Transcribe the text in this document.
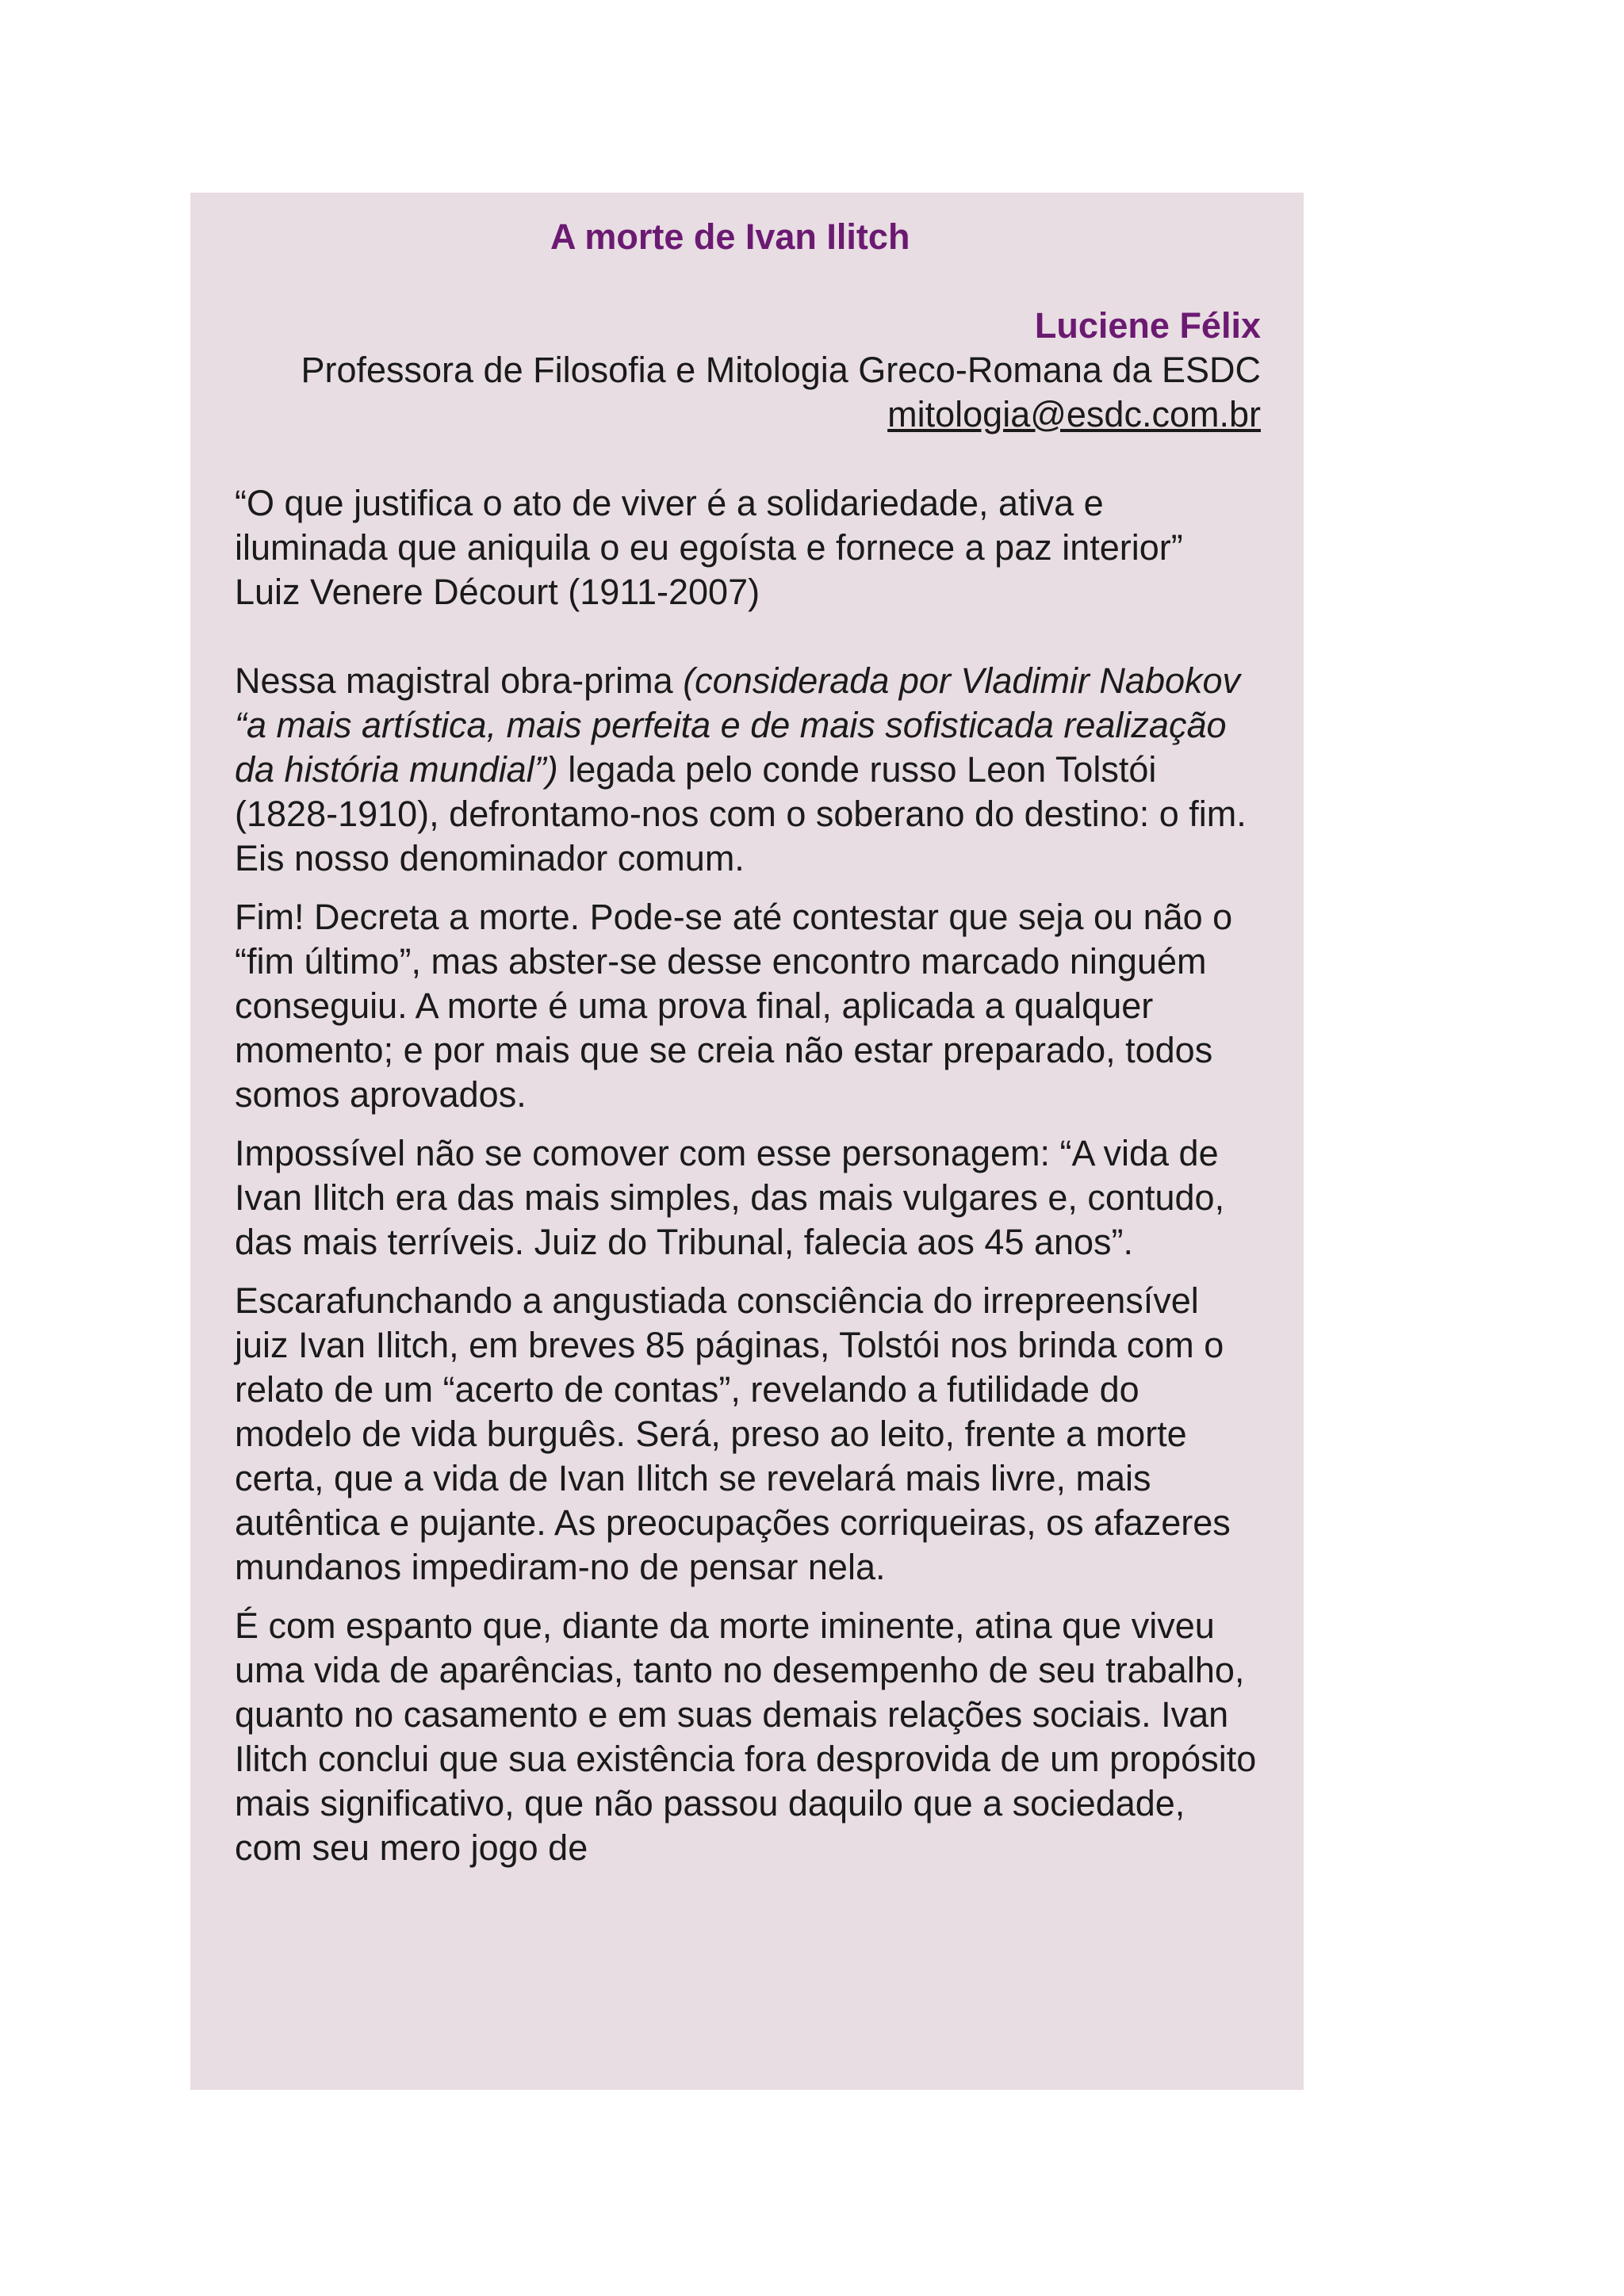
A morte de Ivan Ilitch
Luciene Félix
Professora de Filosofia e Mitologia Greco-Romana da ESDC
mitologia@esdc.com.br
“O que justifica o ato de viver é a solidariedade, ativa e iluminada que aniquila o eu egoísta e fornece a paz interior”
Luiz Venere Décourt (1911-2007)

Nessa magistral obra-prima (considerada por Vladimir Nabokov “a mais artística, mais perfeita e de mais sofisticada realização da história mundial”) legada pelo conde russo Leon Tolstói (1828-1910), defrontamo-nos com o soberano do destino: o fim. Eis nosso denominador comum.

Fim! Decreta a morte. Pode-se até contestar que seja ou não o “fim último”, mas abster-se desse encontro marcado ninguém conseguiu. A morte é uma prova final, aplicada a qualquer momento; e por mais que se creia não estar preparado, todos somos aprovados.

Impossível não se comover com esse personagem: “A vida de Ivan Ilitch era das mais simples, das mais vulgares e, contudo, das mais terríveis. Juiz do Tribunal, falecia aos 45 anos”.

Escarafunchando a angustiada consciência do irrepreensível juiz Ivan Ilitch, em breves 85 páginas, Tolstói nos brinda com o relato de um “acerto de contas”, revelando a futilidade do modelo de vida burguês. Será, preso ao leito, frente a morte certa, que a vida de Ivan Ilitch se revelará mais livre, mais autêntica e pujante. As preocupações corriqueiras, os afazeres mundanos impediram-no de pensar nela.

É com espanto que, diante da morte iminente, atina que viveu uma vida de aparências, tanto no desempenho de seu trabalho, quanto no casamento e em suas demais relações sociais. Ivan Ilitch conclui que sua existência fora desprovida de um propósito mais significativo, que não passou daquilo que a sociedade, com seu mero jogo de
